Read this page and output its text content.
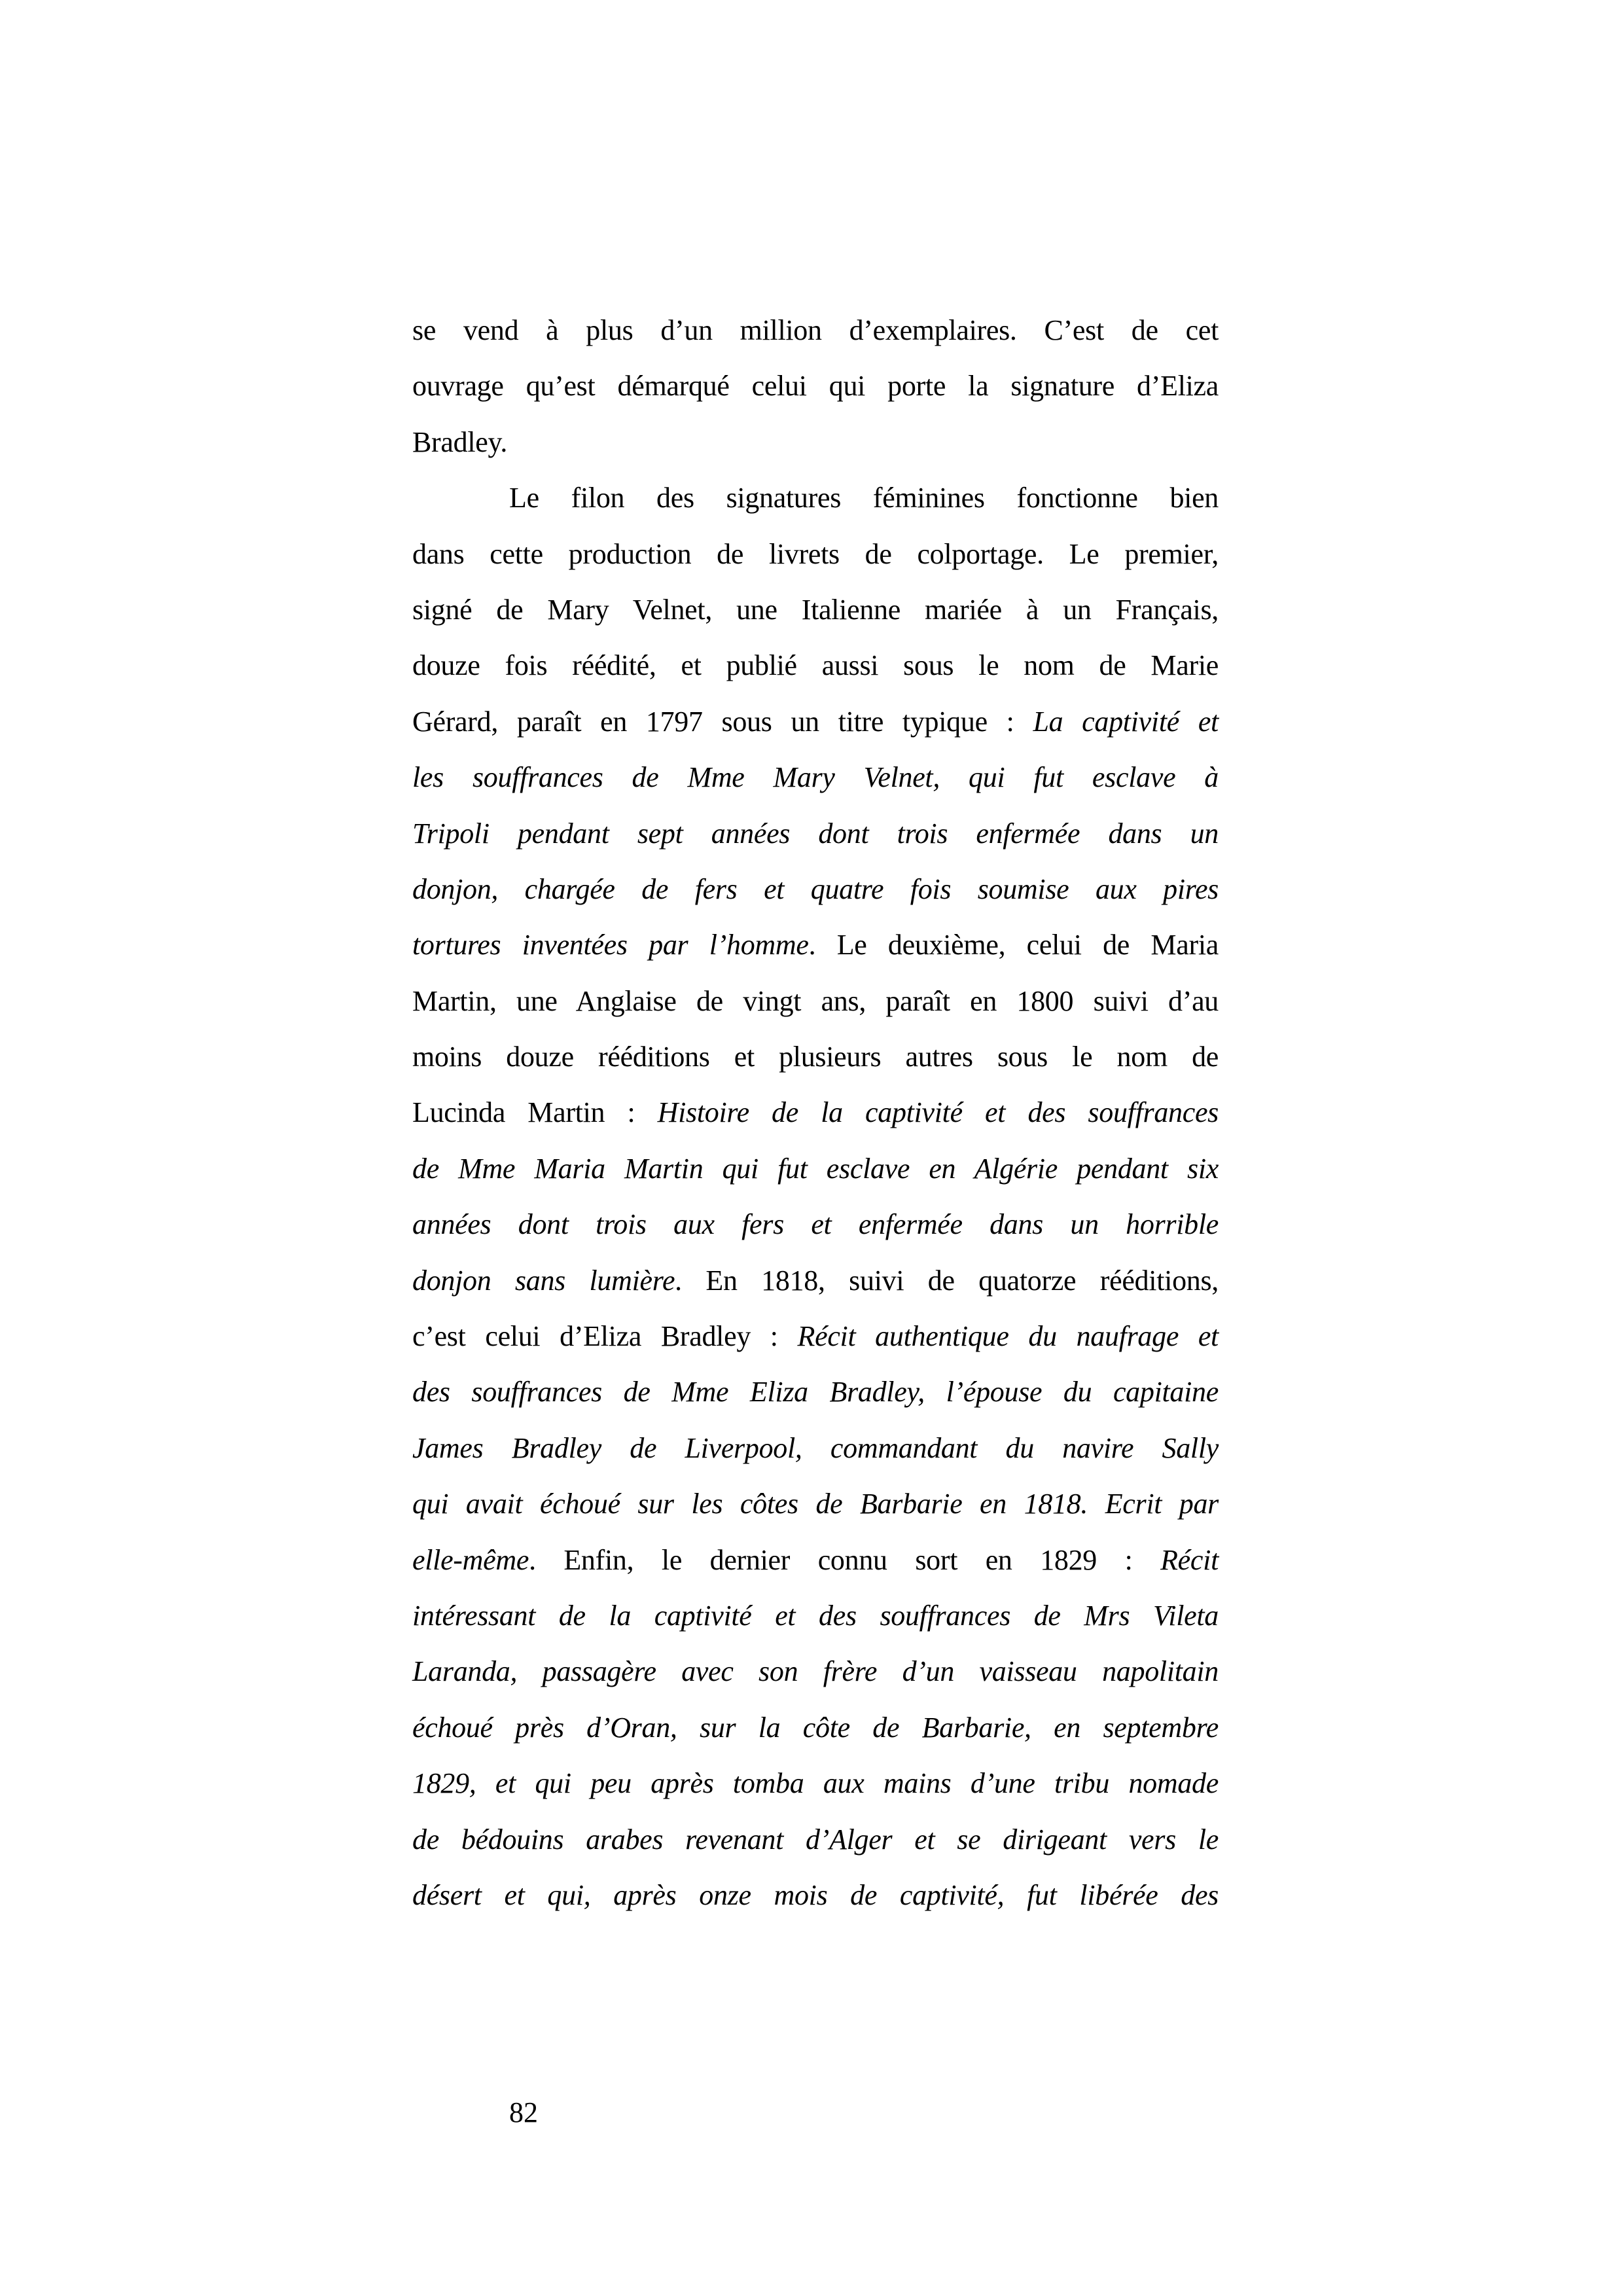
se vend à plus d’un million d’exemplaires. C’est de cet
ouvrage qu’est démarqué celui qui porte la signature d’Eliza
Bradley.
Le filon des signatures féminines fonctionne bien
dans cette production de livrets de colportage. Le premier,
signé de Mary Velnet, une Italienne mariée à un Français,
douze fois réédité, et publié aussi sous le nom de Marie
Gérard, paraît en 1797 sous un titre typique : La captivité et
les souffrances de Mme Mary Velnet, qui fut esclave à
Tripoli pendant sept années dont trois enfermée dans un
donjon, chargée de fers et quatre fois soumise aux pires
tortures inventées par l’homme. Le deuxième, celui de Maria
Martin, une Anglaise de vingt ans, paraît en 1800 suivi d’au
moins douze rééditions et plusieurs autres sous le nom de
Lucinda Martin : Histoire de la captivité et des souffrances
de Mme Maria Martin qui fut esclave en Algérie pendant six
années dont trois aux fers et enfermée dans un horrible
donjon sans lumière. En 1818, suivi de quatorze rééditions,
c’est celui d’Eliza Bradley : Récit authentique du naufrage et
des souffrances de Mme Eliza Bradley, l’épouse du capitaine
James Bradley de Liverpool, commandant du navire Sally
qui avait échoué sur les côtes de Barbarie en 1818. Ecrit par
elle-même. Enfin, le dernier connu sort en 1829 : Récit
intéressant de la captivité et des souffrances de Mrs Vileta
Laranda, passagère avec son frère d’un vaisseau napolitain
échoué près d’Oran, sur la côte de Barbarie, en septembre
1829, et qui peu après tomba aux mains d’une tribu nomade
de bédouins arabes revenant d’Alger et se dirigeant vers le
désert et qui, après onze mois de captivité, fut libérée des
82
